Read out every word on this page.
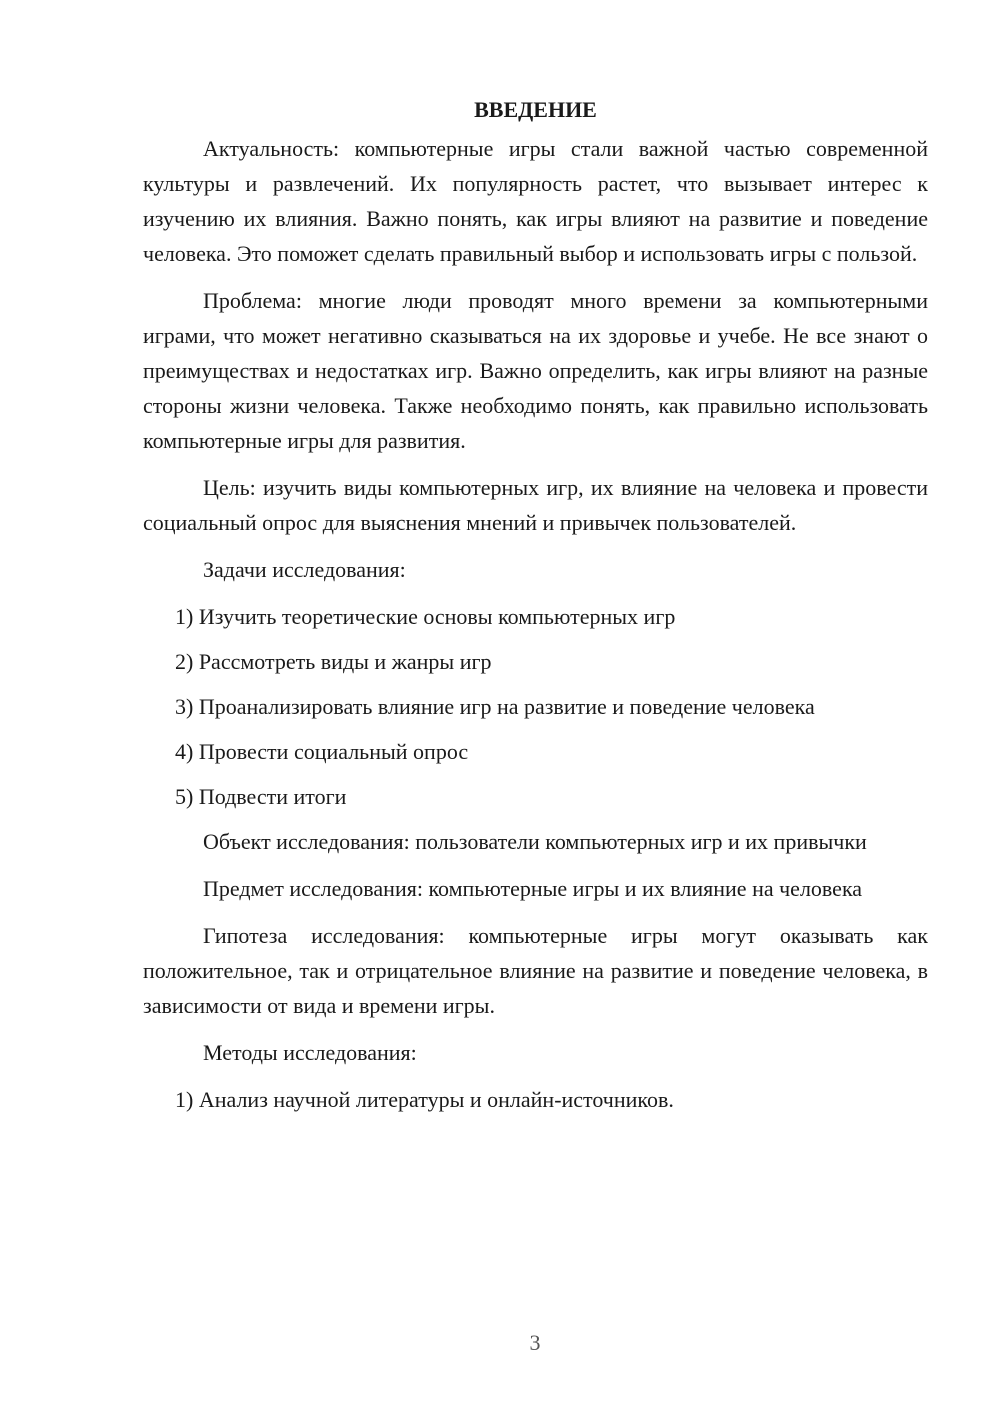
ВВЕДЕНИЕ

Актуальность: компьютерные игры стали важной частью современной культуры и развлечений. Их популярность растет, что вызывает интерес к изучению их влияния. Важно понять, как игры влияют на развитие и поведение человека. Это поможет сделать правильный выбор и использовать игры с пользой.

Проблема: многие люди проводят много времени за компьютерными играми, что может негативно сказываться на их здоровье и учебе. Не все знают о преимуществах и недостатках игр. Важно определить, как игры влияют на разные стороны жизни человека. Также необходимо понять, как правильно использовать компьютерные игры для развития.

Цель: изучить виды компьютерных игр, их влияние на человека и провести социальный опрос для выяснения мнений и привычек пользователей.

Задачи исследования:

1) Изучить теоретические основы компьютерных игр
2) Рассмотреть виды и жанры игр
3) Проанализировать влияние игр на развитие и поведение человека
4) Провести социальный опрос
5) Подвести итоги

Объект исследования: пользователи компьютерных игр и их привычки

Предмет исследования: компьютерные игры и их влияние на человека

Гипотеза исследования: компьютерные игры могут оказывать как положительное, так и отрицательное влияние на развитие и поведение человека, в зависимости от вида и времени игры.

Методы исследования:

1) Анализ научной литературы и онлайн-источников.
3
